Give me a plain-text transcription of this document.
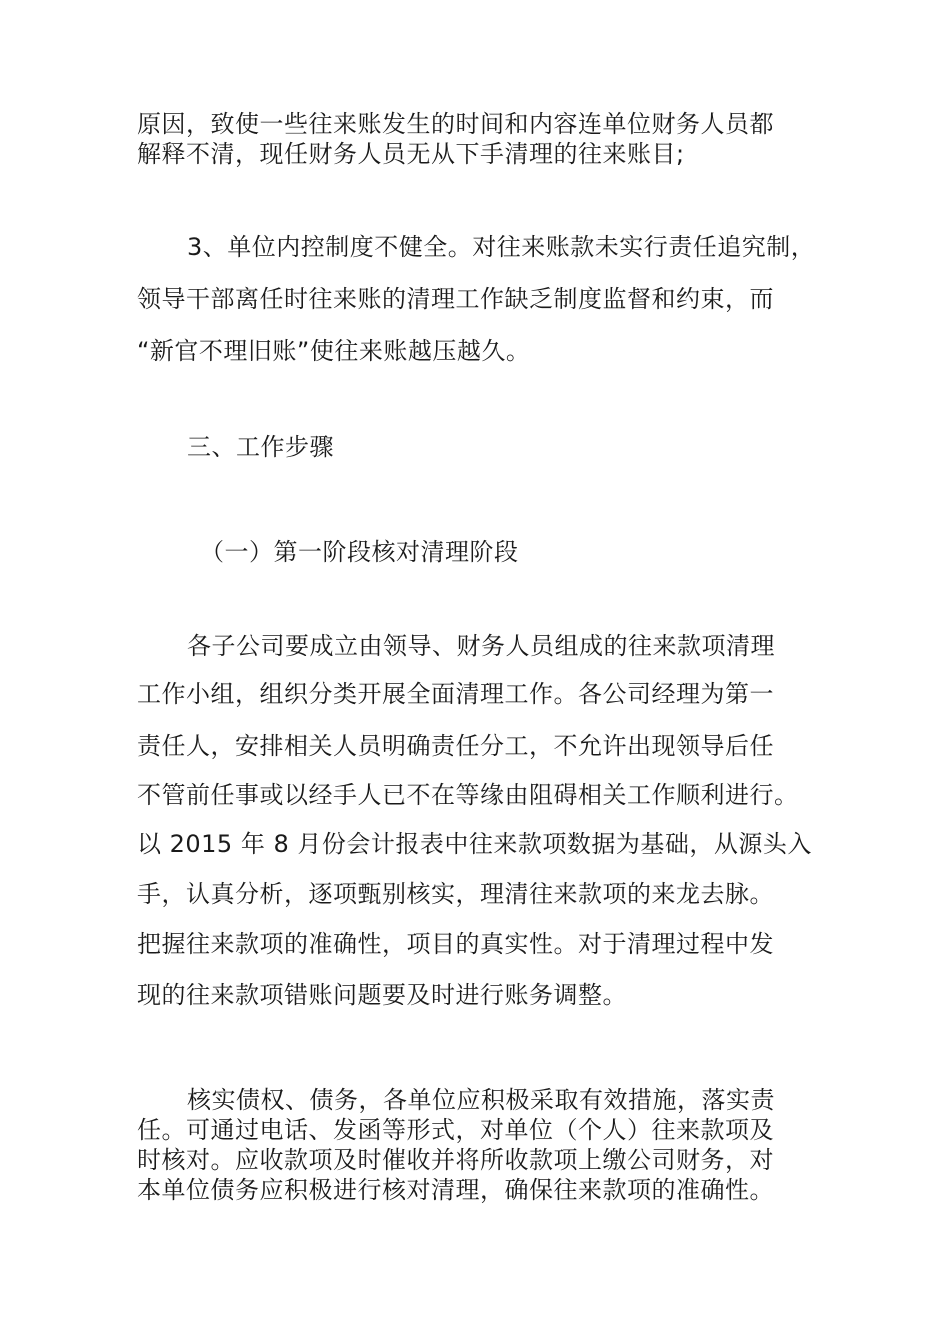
原因，致使一些往来账发生的时间和内容连单位财务人员都

解释不清，现任财务人员无从下手清理的往来账目;

3、单位内控制度不健全。对往来账款未实行责任追究制，

领导干部离任时往来账的清理工作缺乏制度监督和约束，而

“新官不理旧账”使往来账越压越久。

三、工作步骤

（一）第一阶段核对清理阶段

各子公司要成立由领导、财务人员组成的往来款项清理

工作小组，组织分类开展全面清理工作。各公司经理为第一

责任人，安排相关人员明确责任分工，不允许出现领导后任

不管前任事或以经手人已不在等缘由阻碍相关工作顺利进行。

以 2015 年 8 月份会计报表中往来款项数据为基础，从源头入

手，认真分析，逐项甄别核实，理清往来款项的来龙去脉。

把握往来款项的准确性，项目的真实性。对于清理过程中发

现的往来款项错账问题要及时进行账务调整。

核实债权、债务，各单位应积极采取有效措施，落实责

任。可通过电话、发函等形式，对单位（个人）往来款项及

时核对。应收款项及时催收并将所收款项上缴公司财务，对

本单位债务应积极进行核对清理，确保往来款项的准确性。
